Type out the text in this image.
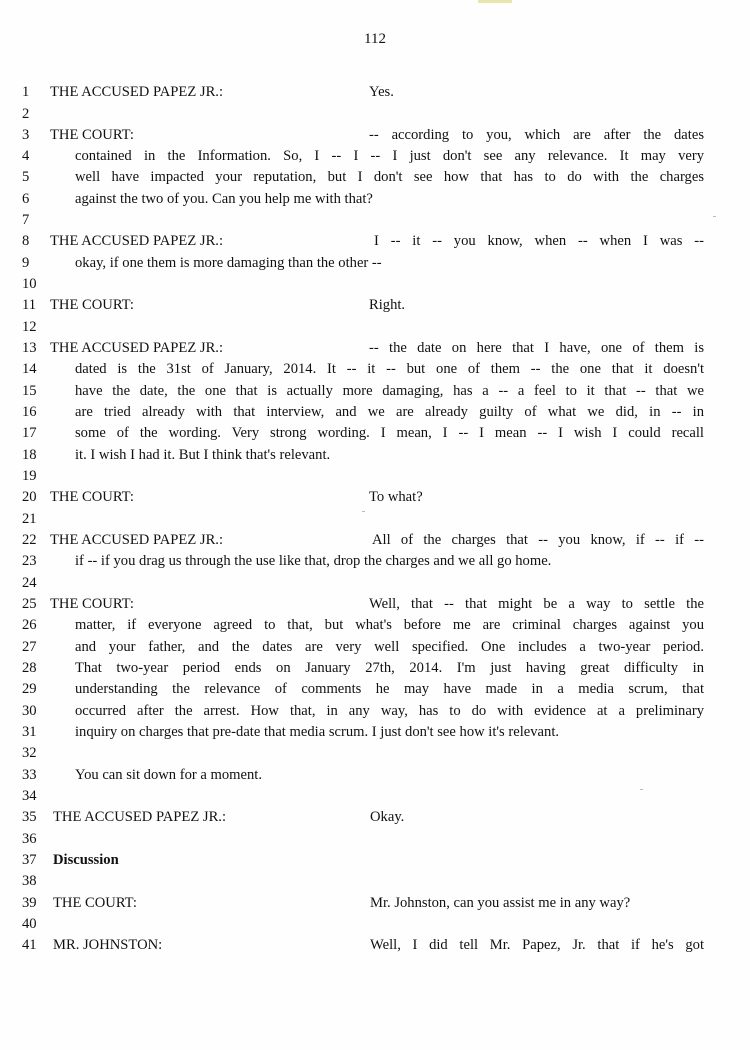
112
1	THE ACCUSED PAPEZ JR.:	Yes.
2
3	THE COURT:	-- according to you, which are after the dates
4	contained in the Information. So, I -- I -- I just don't see any relevance. It may very
5	well have impacted your reputation, but I don't see how that has to do with the charges
6	against the two of you. Can you help me with that?
7
8	THE ACCUSED PAPEZ JR.:	I -- it -- you know, when -- when I was --
9	okay, if one them is more damaging than the other --
10
11 THE COURT:	Right.
12
13 THE ACCUSED PAPEZ JR.:	-- the date on here that I have, one of them is
14	dated is the 31st of January, 2014. It -- it -- but one of them -- the one that it doesn't
15	have the date, the one that is actually more damaging, has a -- a feel to it that -- that we
16	are tried already with that interview, and we are already guilty of what we did, in -- in
17	some of the wording. Very strong wording. I mean, I -- I mean -- I wish I could recall
18	it. I wish I had it. But I think that's relevant.
19
20 THE COURT:	To what?
21
22 THE ACCUSED PAPEZ JR.:	All of the charges that -- you know, if -- if --
23	if -- if you drag us through the use like that, drop the charges and we all go home.
24
25 THE COURT:	Well, that -- that might be a way to settle the
26	matter, if everyone agreed to that, but what's before me are criminal charges against you
27	and your father, and the dates are very well specified. One includes a two-year period.
28	That two-year period ends on January 27th, 2014. I'm just having great difficulty in
29	understanding the relevance of comments he may have made in a media scrum, that
30	occurred after the arrest. How that, in any way, has to do with evidence at a preliminary
31	inquiry on charges that pre-date that media scrum. I just don't see how it's relevant.
32
33	You can sit down for a moment.
34
35 THE ACCUSED PAPEZ JR.:	Okay.
36
37 Discussion
38
39 THE COURT:	Mr. Johnston, can you assist me in any way?
40
41 MR. JOHNSTON:	Well, I did tell Mr. Papez, Jr. that if he's got
